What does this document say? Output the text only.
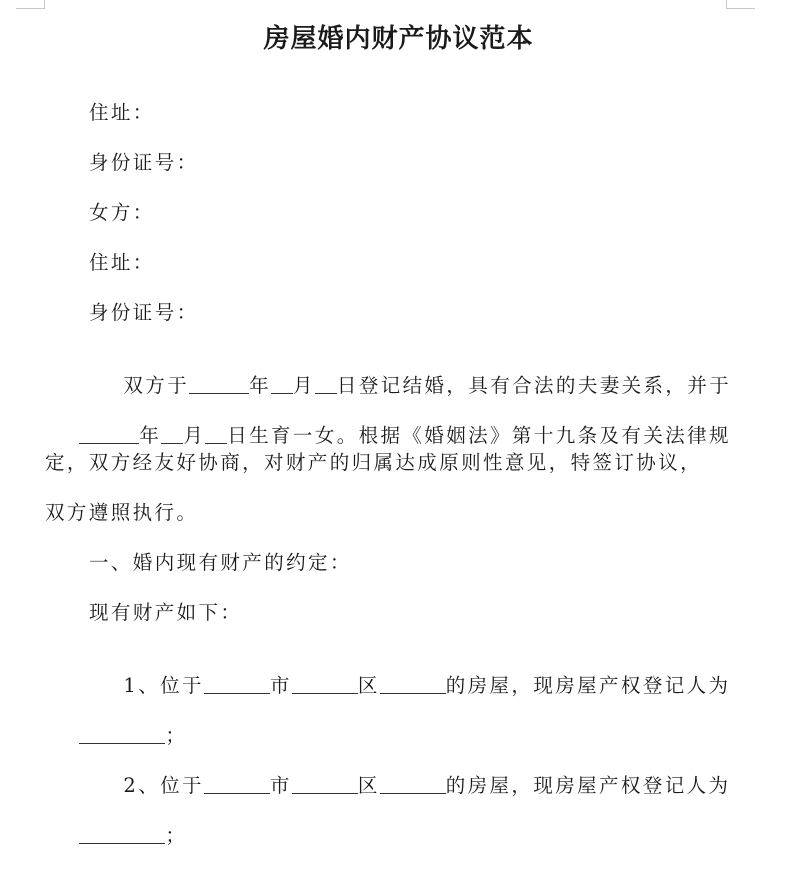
房屋婚内财产协议范本
住址：
身份证号：
女方：
住址：
身份证号：

双方于	年 月 日登记结婚，具有合法的夫妻关系，并于

年 月 日生育一女。根据《婚姻法》第十九条及有关法律规

定，双方经友好协商，对财产的归属达成原则性意见，特签订协议，
双方遵照执行。
一、婚内现有财产的约定：
现有财产如下：

1、位于	市	区	的房屋，现房屋产权登记人为

；

2、位于	市	区	的房屋，现房屋产权登记人为

；
